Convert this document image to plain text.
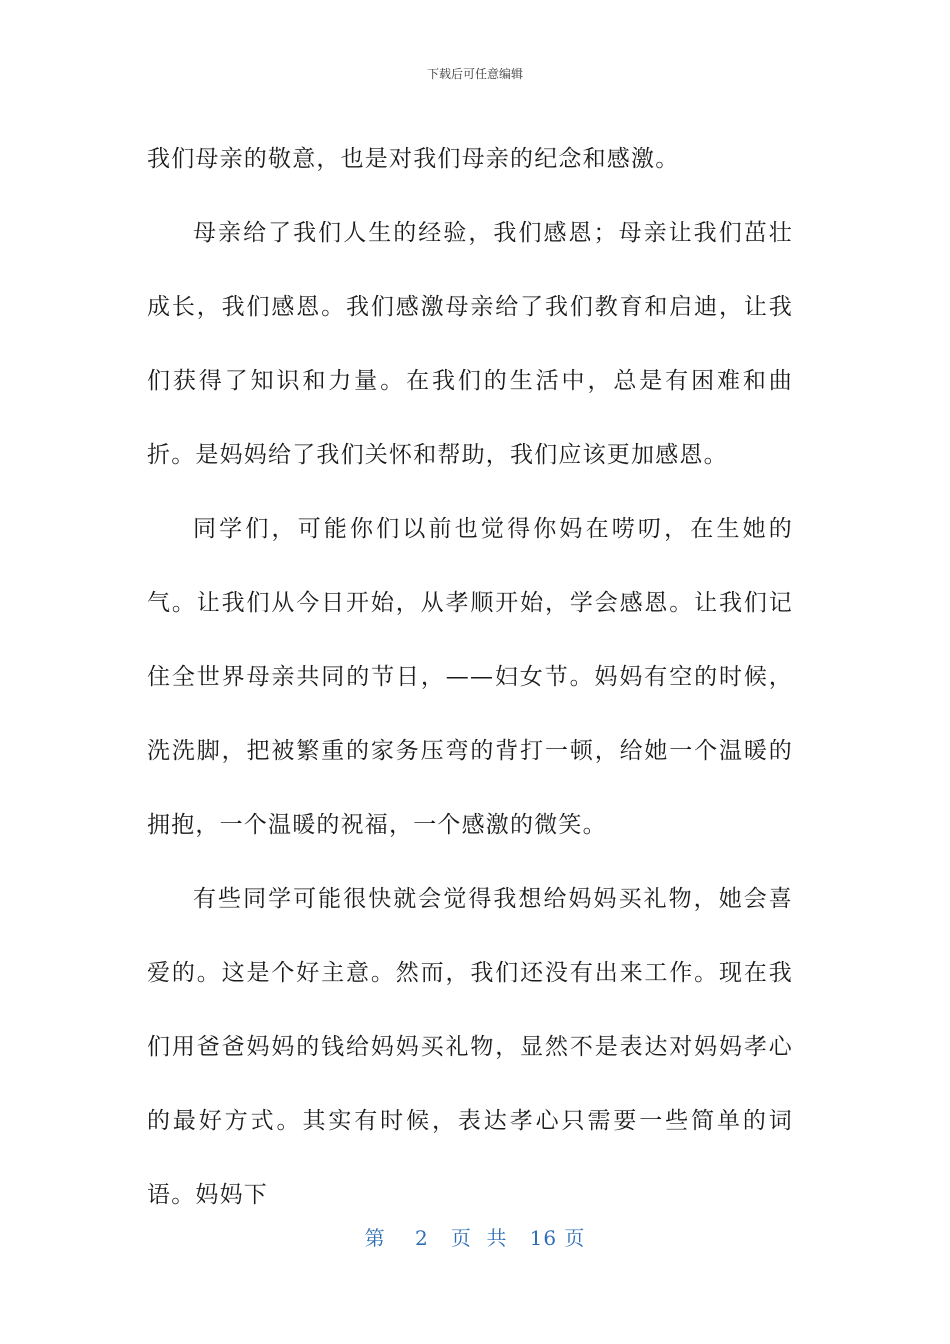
下载后可任意编辑

我们母亲的敬意，也是对我们母亲的纪念和感激。

母亲给了我们人生的经验，我们感恩；母亲让我们茁壮成长，我们感恩。我们感激母亲给了我们教育和启迪，让我们获得了知识和力量。在我们的生活中，总是有困难和曲折。是妈妈给了我们关怀和帮助，我们应该更加感恩。

同学们，可能你们以前也觉得你妈在唠叨，在生她的气。让我们从今日开始，从孝顺开始，学会感恩。让我们记住全世界母亲共同的节日，——妇女节。妈妈有空的时候，洗洗脚，把被繁重的家务压弯的背打一顿，给她一个温暖的拥抱，一个温暖的祝福，一个感激的微笑。

有些同学可能很快就会觉得我想给妈妈买礼物，她会喜爱的。这是个好主意。然而，我们还没有出来工作。现在我们用爸爸妈妈的钱给妈妈买礼物，显然不是表达对妈妈孝心的最好方式。其实有时候，表达孝心只需要一些简单的词语。妈妈下

第 2 页  共 16 页
